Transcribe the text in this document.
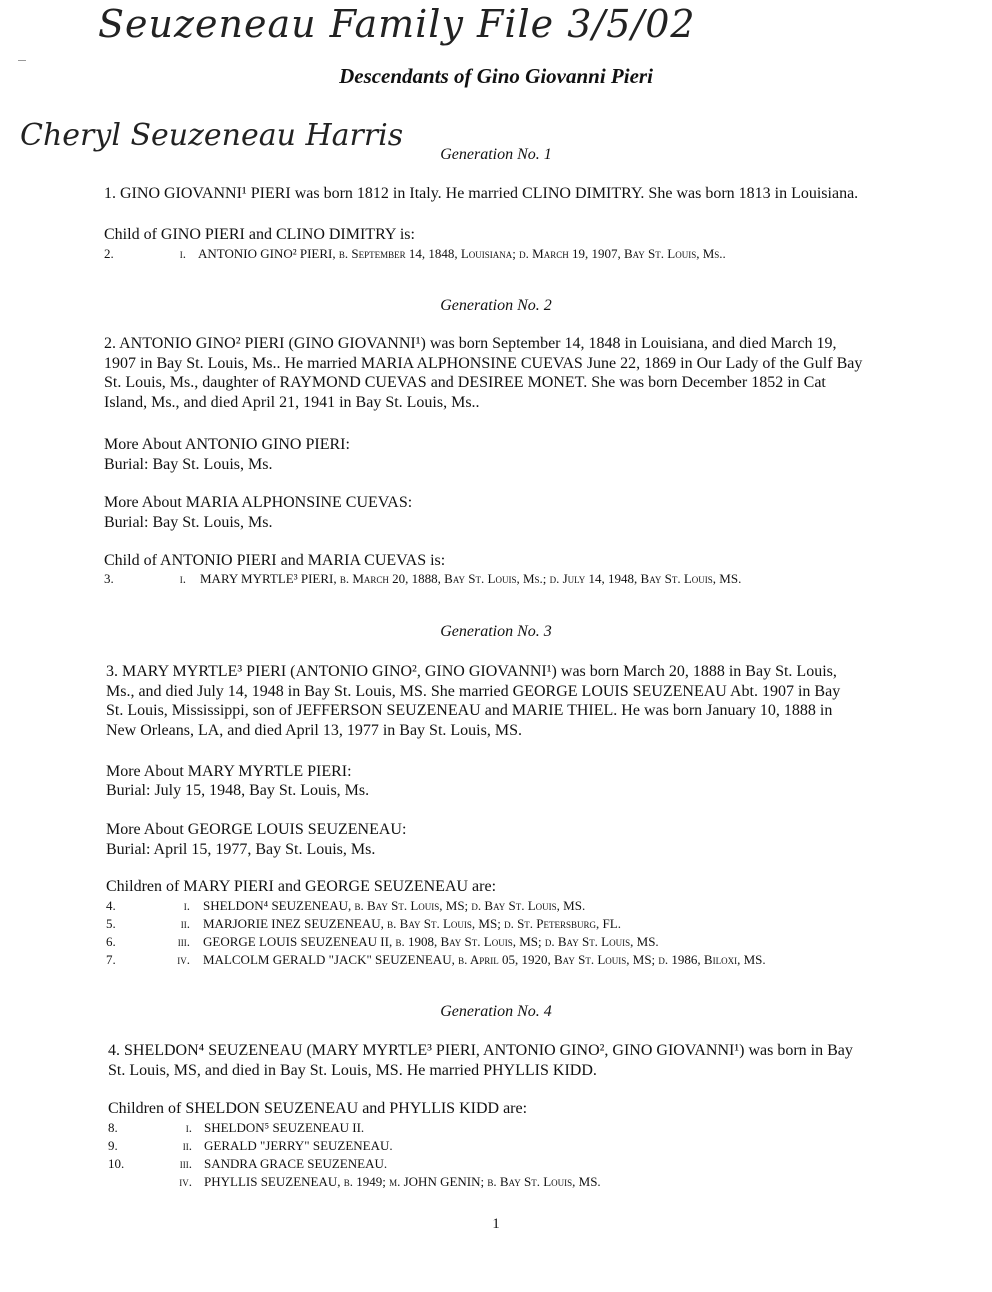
Seuzeneau Family File 3/5/02
Descendants of Gino Giovanni Pieri
Cheryl Seuzeneau Harris
Generation No. 1
1. GINO GIOVANNI¹ PIERI was born 1812 in Italy. He married CLINO DIMITRY. She was born 1813 in Louisiana.
Child of GINO PIERI and CLINO DIMITRY is:
2.	i. ANTONIO GINO² PIERI, b. September 14, 1848, Louisiana; d. March 19, 1907, Bay St. Louis, Ms..
Generation No. 2
2. ANTONIO GINO² PIERI (GINO GIOVANNI¹) was born September 14, 1848 in Louisiana, and died March 19, 1907 in Bay St. Louis, Ms.. He married MARIA ALPHONSINE CUEVAS June 22, 1869 in Our Lady of the Gulf Bay St. Louis, Ms., daughter of RAYMOND CUEVAS and DESIREE MONET. She was born December 1852 in Cat Island, Ms., and died April 21, 1941 in Bay St. Louis, Ms..
More About ANTONIO GINO PIERI:
Burial: Bay St. Louis, Ms.
More About MARIA ALPHONSINE CUEVAS:
Burial: Bay St. Louis, Ms.
Child of ANTONIO PIERI and MARIA CUEVAS is:
3.	i. MARY MYRTLE³ PIERI, b. March 20, 1888, Bay St. Louis, Ms.; d. July 14, 1948, Bay St. Louis, MS.
Generation No. 3
3. MARY MYRTLE³ PIERI (ANTONIO GINO², GINO GIOVANNI¹) was born March 20, 1888 in Bay St. Louis, Ms., and died July 14, 1948 in Bay St. Louis, MS. She married GEORGE LOUIS SEUZENEAU Abt. 1907 in Bay St. Louis, Mississippi, son of JEFFERSON SEUZENEAU and MARIE THIEL. He was born January 10, 1888 in New Orleans, LA, and died April 13, 1977 in Bay St. Louis, MS.
More About MARY MYRTLE PIERI:
Burial: July 15, 1948, Bay St. Louis, Ms.
More About GEORGE LOUIS SEUZENEAU:
Burial: April 15, 1977, Bay St. Louis, Ms.
Children of MARY PIERI and GEORGE SEUZENEAU are:
4.	i. SHELDON⁴ SEUZENEAU, b. Bay St. Louis, MS; d. Bay St. Louis, MS.
5.	ii. MARJORIE INEZ SEUZENEAU, b. Bay St. Louis, MS; d. St. Petersburg, FL.
6.	iii. GEORGE LOUIS SEUZENEAU II, b. 1908, Bay St. Louis, MS; d. Bay St. Louis, MS.
7.	iv. MALCOLM GERALD "JACK" SEUZENEAU, b. April 05, 1920, Bay St. Louis, MS; d. 1986, Biloxi, MS.
Generation No. 4
4. SHELDON⁴ SEUZENEAU (MARY MYRTLE³ PIERI, ANTONIO GINO², GINO GIOVANNI¹) was born in Bay St. Louis, MS, and died in Bay St. Louis, MS. He married PHYLLIS KIDD.
Children of SHELDON SEUZENEAU and PHYLLIS KIDD are:
8.	i. SHELDON⁵ SEUZENEAU II.
9.	ii. GERALD "JERRY" SEUZENEAU.
10.	iii. SANDRA GRACE SEUZENEAU.
iv. PHYLLIS SEUZENEAU, b. 1949; m. JOHN GENIN; b. Bay St. Louis, MS.
1
